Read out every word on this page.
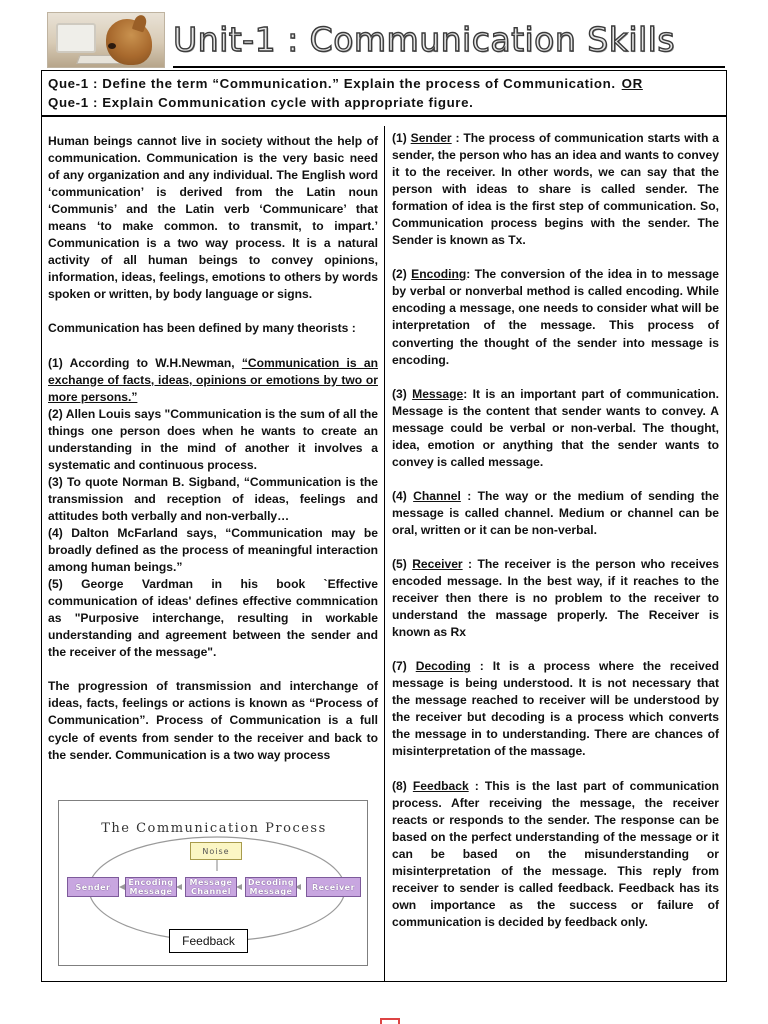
Unit-1 : Communication Skills
Que-1 : Define the term “Communication.” Explain the process of Communication. OR
Que-1 : Explain Communication cycle with appropriate figure.

Human beings cannot live in society without the help of communication. Communication is the very basic need of any organization and any individual. The English word ‘communication’ is derived from the Latin noun ‘Communis’ and the Latin verb ‘Communicare’ that means ‘to make common. to transmit, to impart.’ Communication is a two way process. It is a natural activity of all human beings to convey opinions, information, ideas, feelings, emotions to others by words spoken or written, by body language or signs.

Communication has been defined by many theorists :

(1) According to W.H.Newman, “Communication is an exchange of facts, ideas, opinions or emotions by two or more persons.”

(2) Allen Louis says "Communication is the sum of all the things one person does when he wants to create an understanding in the mind of another it involves a systematic and continuous process.

(3) To quote Norman B. Sigband, “Communication is the transmission and reception of ideas, feelings and attitudes both verbally and non-verbally…

(4) Dalton McFarland says, “Communication may be broadly defined as the process of meaningful interaction among human beings.”

(5) George Vardman in his book `Effective communication of ideas' defines effective commnication as "Purposive interchange, resulting in workable understanding and agreement between the sender and the receiver of the message".

The progression of transmission and interchange of ideas, facts, feelings or actions is known as “Process of Communication”. Process of Communication is a full cycle of events from sender to the receiver and back to the sender. Communication is a two way process

The Communication Process
Noise
Sender	Encoding Message
Message Channel
Decoding Message	Receiver
Feedback

(1) Sender : The process of communication starts with a sender, the person who has an idea and wants to convey it to the receiver. In other words, we can say that the person with ideas to share is called sender. The formation of idea is the first step of communication. So, Communication process begins with the sender. The Sender is known as Tx.

(2) Encoding: The conversion of the idea in to message by verbal or nonverbal method is called encoding. While encoding a message, one needs to consider what will be interpretation of the message. This process of converting the thought of the sender into message is encoding.

(3) Message: It is an important part of communication. Message is the content that sender wants to convey. A message could be verbal or non-verbal. The thought, idea, emotion or anything that the sender wants to convey is called message.

(4) Channel : The way or the medium of sending the message is called channel. Medium or channel can be oral, written or it can be non-verbal.

(5) Receiver : The receiver is the person who receives encoded message. In the best way, if it reaches to the receiver then there is no problem to the receiver to understand the massage properly. The Receiver is known as Rx

(7) Decoding : It is a process where the received message is being understood. It is not necessary that the message reached to receiver will be understood by the receiver but decoding is a process which converts the message in to understanding. There are chances of misinterpretation of the massage.

(8) Feedback : This is the last part of communication process. After receiving the message, the receiver reacts or responds to the sender. The response can be based on the perfect understanding of the message or it can be based on the misunderstanding or misinterpretation of the message. This reply from receiver to sender is called feedback. Feedback has its own importance as the success or failure of communication is decided by feedback only.
